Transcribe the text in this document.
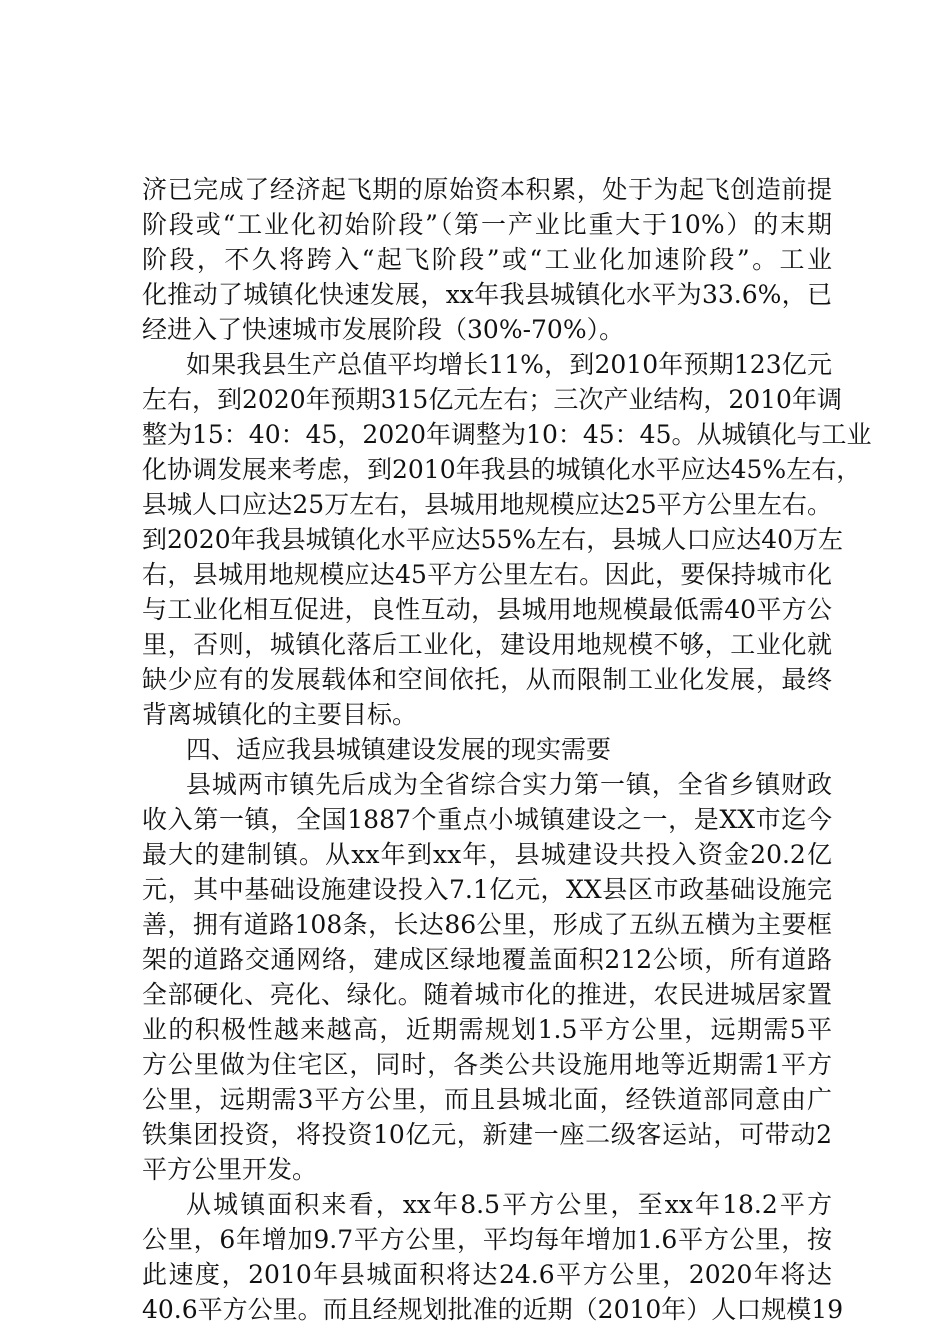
济已完成了经济起飞期的原始资本积累，处于为起飞创造前提
阶段或“工业化初始阶段”（第一产业比重大于10%）的末期
阶段，不久将跨入“起飞阶段”或“工业化加速阶段”。工业
化推动了城镇化快速发展，xx年我县城镇化水平为33.6%，已
经进入了快速城市发展阶段（30%-70%）。
如果我县生产总值平均增长11%，到2010年预期123亿元
左右，到2020年预期315亿元左右；三次产业结构，2010年调
整为15：40：45，2020年调整为10：45：45。从城镇化与工业
化协调发展来考虑，到2010年我县的城镇化水平应达45%左右，
县城人口应达25万左右，县城用地规模应达25平方公里左右。
到2020年我县城镇化水平应达55%左右，县城人口应达40万左
右，县城用地规模应达45平方公里左右。因此，要保持城市化
与工业化相互促进，良性互动，县城用地规模最低需40平方公
里，否则，城镇化落后工业化，建设用地规模不够，工业化就
缺少应有的发展载体和空间依托，从而限制工业化发展，最终
背离城镇化的主要目标。
四、适应我县城镇建设发展的现实需要
县城两市镇先后成为全省综合实力第一镇，全省乡镇财政
收入第一镇，全国1887个重点小城镇建设之一，是XX市迄今
最大的建制镇。从xx年到xx年，县城建设共投入资金20.2亿
元，其中基础设施建设投入7.1亿元，XX县区市政基础设施完
善，拥有道路108条，长达86公里，形成了五纵五横为主要框
架的道路交通网络，建成区绿地覆盖面积212公顷，所有道路
全部硬化、亮化、绿化。随着城市化的推进，农民进城居家置
业的积极性越来越高，近期需规划1.5平方公里，远期需5平
方公里做为住宅区，同时，各类公共设施用地等近期需1平方
公里，远期需3平方公里，而且县城北面，经铁道部同意由广
铁集团投资，将投资10亿元，新建一座二级客运站，可带动2
平方公里开发。
从城镇面积来看，xx年8.5平方公里，至xx年18.2平方
公里，6年增加9.7平方公里，平均每年增加1.6平方公里，按
此速度，2010年县城面积将达24.6平方公里，2020年将达
40.6平方公里。而且经规划批准的近期（2010年）人口规模19
